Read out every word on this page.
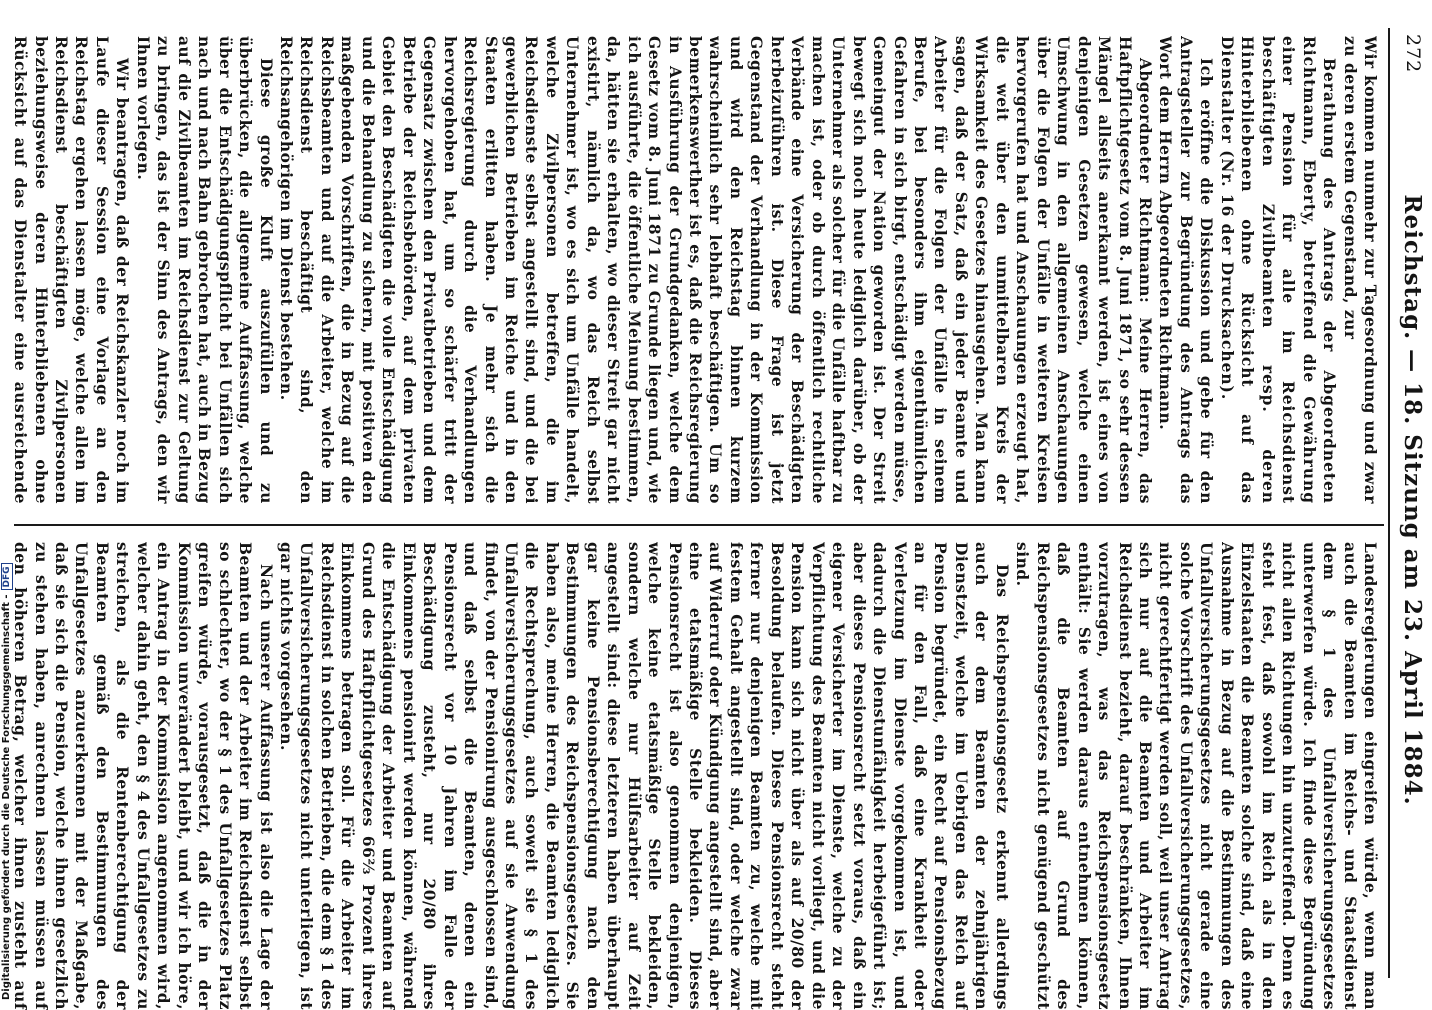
272
Reichstag. — 18. Sitzung am 23. April 1884.

Wir kommen nunmehr zur Tagesordnung und zwar zu deren erstem Gegenstand, zur

Berathung des Antrags der Abgeordneten Richtmann, Eberty, betreffend die Gewährung einer Pension für alle im Reichsdienst beschäftigten Zivilbeamten resp. deren Hinterbliebenen ohne Rücksicht auf das Dienstalter (Nr. 16 der Drucksachen).

Ich eröffne die Diskussion und gebe für den Antragsteller zur Begründung des Antrags das Wort dem Herrn Abgeordneten Richtmann.

Abgeordneter Richtmann: Meine Herren, das Haftpflichtgesetz vom 8. Juni 1871, so sehr dessen Mängel allseits anerkannt werden, ist eines von denjenigen Gesetzen gewesen, welche einen Umschwung in den allgemeinen Anschauungen über die Folgen der Unfälle in weiteren Kreisen hervorgerufen hat und Anschauungen erzeugt hat, die weit über den unmittelbaren Kreis der Wirksamkeit des Gesetzes hinausgehen. Man kann sagen, daß der Satz, daß ein jeder Beamte und Arbeiter für die Folgen der Unfälle in seinem Berufe, bei besonders ihm eigenthümlichen Gefahren in sich birgt, entschädigt werden müsse, Gemeingut der Nation geworden ist. Der Streit bewegt sich noch heute lediglich darüber, ob der Unternehmer als solcher für die Unfälle haftbar zu machen ist, oder ob durch öffentlich rechtliche Verbände eine Versicherung der Beschädigten herbeizuführen ist. Diese Frage ist jetzt Gegenstand der Verhandlung in der Kommission und wird den Reichstag binnen kurzem wahrscheinlich sehr lebhaft beschäftigen. Um so bemerkenswerther ist es, daß die Reichsregierung in Ausführung der Grundgedanken, welche dem Gesetz vom 8. Juni 1871 zu Grunde liegen und, wie ich ausführte, die öffentliche Meinung bestimmen, da, hätten sie erhalten, wo dieser Streit gar nicht existirt, nämlich da, wo das Reich selbst Unternehmer ist, wo es sich um Unfälle handelt, welche Zivilpersonen betreffen, die im Reichsdienste selbst angestellt sind, und die bei gewerblichen Betrieben im Reiche und in den Staaten erlitten haben. Je mehr sich die Reichsregierung durch die Verhandlungen hervorgehoben hat, um so schärfer tritt der Gegensatz zwischen den Privatbetrieben und dem Betriebe der Reichsbehörden, auf dem privaten Gebiet den Beschädigten die volle Entschädigung und die Behandlung zu sichern, mit positiven den maßgebenden Vorschriften, die in Bezug auf die Reichsbeamten und auf die Arbeiter, welche im Reichsdienst beschäftigt sind, den Reichsangehörigen im Dienst bestehen.

Diese große Kluft auszufüllen und zu überbrücken, die allgemeine Auffassung, welche über die Entschädigungspflicht bei Unfällen sich nach und nach Bahn gebrochen hat, auch in Bezug auf die Zivilbeamten im Reichsdienst zur Geltung zu bringen, das ist der Sinn des Antrags, den wir Ihnen vorlegen.

Wir beantragen, daß der Reichskanzler noch im Laufe dieser Session eine Vorlage an den Reichstag ergehen lassen möge, welche allen im Reichsdienst beschäftigten Zivilpersonen beziehungsweise deren Hinterbliebenen ohne Rücksicht auf das Dienstalter eine ausreichende

Landesregierungen eingreifen würde, wenn man auch die Beamten im Reichs- und Staatsdienst dem § 1 des Unfallversicherungsgesetzes unterwerfen würde. Ich finde diese Begründung nicht allen Richtungen hin unzutreffend. Denn es steht fest, daß sowohl im Reich als in den Einzelstaaten die Beamten solche sind, daß eine Ausnahme in Bezug auf die Bestimmungen des Unfallversicherungsgesetzes nicht gerade eine solche Vorschrift des Unfallversicherungsgesetzes, nicht gerechtfertigt werden soll, weil unser Antrag sich nur auf die Beamten und Arbeiter im Reichsdienst bezieht, darauf beschränken, Ihnen vorzutragen, was das Reichspensionsgesetz enthält: Sie werden daraus entnehmen können, daß die Beamten auf Grund des Reichspensionsgesetzes nicht genügend geschützt sind.

Das Reichspensionsgesetz erkennt allerdings auch der dem Beamten der zehnjährigen Dienstzeit, welche im Uebrigen das Reich auf Pension begründet, ein Recht auf Pensionsbezug an für den Fall, daß eine Krankheit oder Verletzung im Dienste vorgekommen ist, und dadurch die Dienstunfähigkeit herbeigeführt ist; aber dieses Pensionsrecht setzt voraus, daß ein eigener Versicherter im Dienste, welche zu der Verpflichtung des Beamten nicht vorliegt, und die Pension kann sich nicht über als auf 20/80 der Besoldung belaufen. Dieses Pensionsrecht steht ferner nur denjenigen Beamten zu, welche mit festem Gehalt angestellt sind, oder welche zwar auf Widerruf oder Kündigung angestellt sind, aber eine etatsmäßige Stelle bekleiden. Dieses Pensionsrecht ist also genommen denjenigen, welche keine etatsmäßige Stelle bekleiden, sondern welche nur Hülfsarbeiter auf Zeit angestellt sind: diese letzteren haben überhaupt gar keine Pensionsberechtigung nach den Bestimmungen des Reichspensionsgesetzes. Sie haben also, meine Herren, die Beamten lediglich die Rechtsprechung, auch soweit sie § 1 des Unfallversicherungsgesetzes auf sie Anwendung findet, von der Pensionirung ausgeschlossen sind, und daß selbst die Beamten, denen ein Pensionsrecht vor 10 Jahren im Falle der Beschädigung zusteht, nur 20/80 ihres Einkommens pensionirt werden können, während die Entschädigung der Arbeiter und Beamten auf Grund des Haftpflichtgesetzes 66⅔ Prozent ihres Einkommens betragen soll. Für die Arbeiter im Reichsdienst in solchen Betrieben, die dem § 1 des Unfallversicherungsgesetzes nicht unterliegen, ist gar nichts vorgesehen.

Nach unserer Auffassung ist also die Lage der Beamten und der Arbeiter im Reichsdienst selbst so schlechter, wo der § 1 des Unfallgesetzes Platz greifen würde, vorausgesetzt, daß die in der Kommission unverändert bleibt, und wir ich höre, ein Antrag in der Kommission angenommen wird, welcher dahin geht, den § 4 des Unfallgesetzes zu streichen, als die Rentenberechtigung der Beamten gemäß den Bestimmungen des Unfallgesetzes anzuerkennen mit der Maßgabe, daß sie sich die Pension, welche ihnen gesetzlich zu stehen haben, anrechnen lassen müssen auf den höheren Betrag, welcher ihnen zusteht auf

Digitalisierung gefördert durch die Deutsche Forschungsgemeinschaft -DFG
